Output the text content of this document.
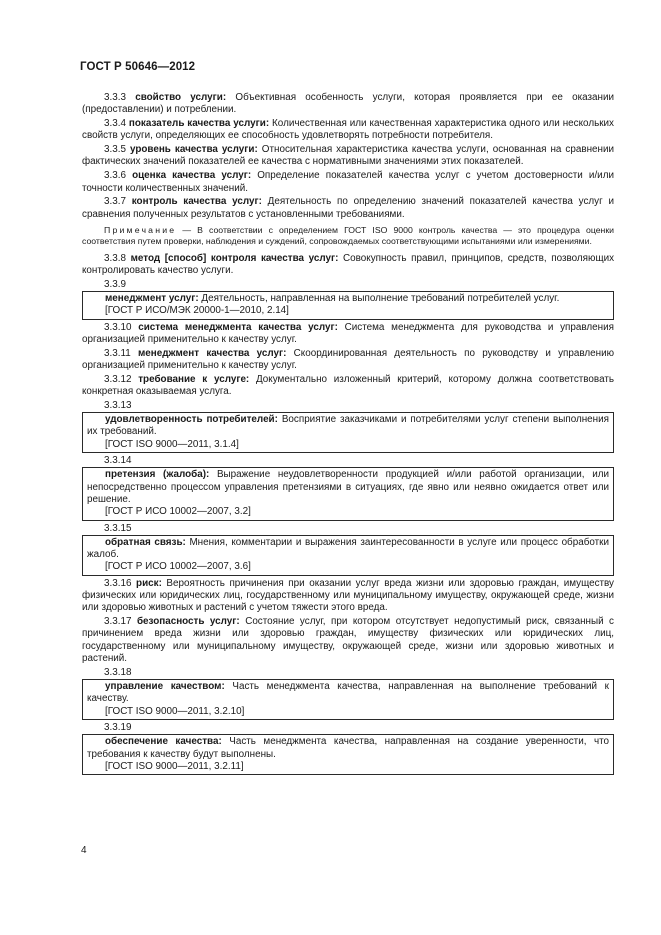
ГОСТ Р 50646—2012

3.3.3 свойство услуги: Объективная особенность услуги, которая проявляется при ее оказании (предоставлении) и потреблении.

3.3.4 показатель качества услуги: Количественная или качественная характеристика одного или нескольких свойств услуги, определяющих ее способность удовлетворять потребности потребителя.

3.3.5 уровень качества услуги: Относительная характеристика качества услуги, основанная на сравнении фактических значений показателей ее качества с нормативными значениями этих показателей.

3.3.6 оценка качества услуг: Определение показателей качества услуг с учетом достоверности и/или точности количественных значений.

3.3.7 контроль качества услуг: Деятельность по определению значений показателей качества услуг и сравнения полученных результатов с установленными требованиями.

Примечание — В соответствии с определением ГОСТ ISO 9000 контроль качества — это процедура оценки соответствия путем проверки, наблюдения и суждений, сопровождаемых соответствующими испытаниями или измерениями.

3.3.8 метод [способ] контроля качества услуг: Совокупность правил, принципов, средств, позволяющих контролировать качество услуги.

3.3.9
менеджмент услуг: Деятельность, направленная на выполнение требований потребителей услуг.
[ГОСТ Р ИСО/МЭК 20000-1—2010, 2.14]

3.3.10 система менеджмента качества услуг: Система менеджмента для руководства и управления организацией применительно к качеству услуг.

3.3.11 менеджмент качества услуг: Скоординированная деятельность по руководству и управлению организацией применительно к качеству услуг.

3.3.12 требование к услуге: Документально изложенный критерий, которому должна соответствовать конкретная оказываемая услуга.

3.3.13
удовлетворенность потребителей: Восприятие заказчиками и потребителями услуг степени выполнения их требований.
[ГОСТ ISO 9000—2011, 3.1.4]
3.3.14
претензия (жалоба): Выражение неудовлетворенности продукцией и/или работой организации, или непосредственно процессом управления претензиями в ситуациях, где явно или неявно ожидается ответ или решение.
[ГОСТ Р ИСО 10002—2007, 3.2]
3.3.15
обратная связь: Мнения, комментарии и выражения заинтересованности в услуге или процесс обработки жалоб.
[ГОСТ Р ИСО 10002—2007, 3.6]

3.3.16 риск: Вероятность причинения при оказании услуг вреда жизни или здоровью граждан, имуществу физических или юридических лиц, государственному или муниципальному имуществу, окружающей среде, жизни или здоровью животных и растений с учетом тяжести этого вреда.

3.3.17 безопасность услуг: Состояние услуг, при котором отсутствует недопустимый риск, связанный с причинением вреда жизни или здоровью граждан, имуществу физических или юридических лиц, государственному или муниципальному имуществу, окружающей среде, жизни или здоровью животных и растений.

3.3.18
управление качеством: Часть менеджмента качества, направленная на выполнение требований к качеству.
[ГОСТ ISO 9000—2011, 3.2.10]
3.3.19
обеспечение качества: Часть менеджмента качества, направленная на создание уверенности, что требования к качеству будут выполнены.
[ГОСТ ISO 9000—2011, 3.2.11]
4
